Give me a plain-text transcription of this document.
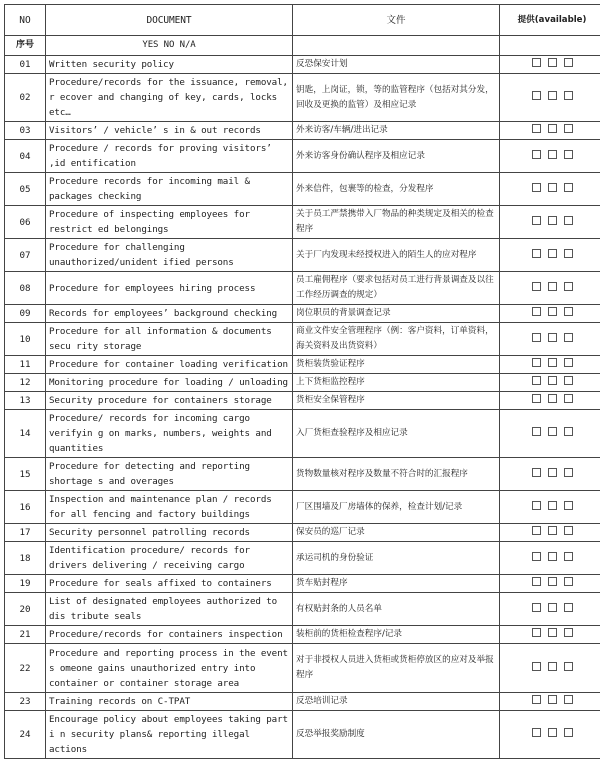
NO	DOCUMENT	文件	提供(available)
序号	YES NO N/A		
01	Written security policy	反恐保安计划	

02	Procedure/records for the issuance, removal, r ecover and changing of key, cards, locks etc…	钥匙，上岗证，锁，等的监管程序（包括对其分发，回收及更换的监管）及相应记录	

03	Visitors’ / vehicle’ s in & out records	外来访客/车辆/进出记录	

04	Procedure / records for proving visitors’ ,id entification	外来访客身份确认程序及相应记录	

05	Procedure records for incoming mail & packages checking	外来信件，包裹等的检查，分发程序	

06	Procedure of inspecting employees for restrict ed belongings	关于员工严禁携带入厂物品的种类规定及相关的检查程序	

07	Procedure for challenging unauthorized/unident ified persons	关于厂内发现未经授权进入的陌生人的应对程序	

08	Procedure for employees hiring process	员工雇佣程序（要求包括对员工进行背景调查及以往工作经历调查的规定）	

09	Records for employees’ background checking	岗位职员的背景调查记录	

10	Procedure for all information & documents secu rity storage	商业文件安全管理程序（例：客户资料，订单资料，海关资料及出货资料）	

11	Procedure for container loading verification	货柜装货验证程序	

12	Monitoring procedure for loading / unloading	上下货柜监控程序	

13	Security procedure for containers storage	货柜安全保管程序	

14	Procedure/ records for incoming cargo verifyin g on marks, numbers, weights and quantities	入厂货柜查验程序及相应记录	

15	Procedure for detecting and reporting shortage s and overages	货物数量核对程序及数量不符合时的汇报程序	

16	Inspection and maintenance plan / records for all fencing and factory buildings	厂区围墙及厂房墙体的保养，检查计划/记录	

17	Security personnel patrolling records	保安员的巡厂记录	

18	Identification procedure/ records for drivers delivering / receiving cargo	承运司机的身份验证	

19	Procedure for seals affixed to containers	货车贴封程序	

20	List of designated employees authorized to dis tribute seals	有权贴封条的人员名单	

21	Procedure/records for containers inspection	装柜前的货柜检查程序/记录	

22	Procedure and reporting process in the event s omeone gains unauthorized entry into container or container storage area	对于非授权人员进入货柜或货柜停放区的应对及举报程序	

23	Training records on C-TPAT	反恐培训记录	

24	Encourage policy about employees taking part i n security plans& reporting illegal actions	反恐举报奖励制度	
